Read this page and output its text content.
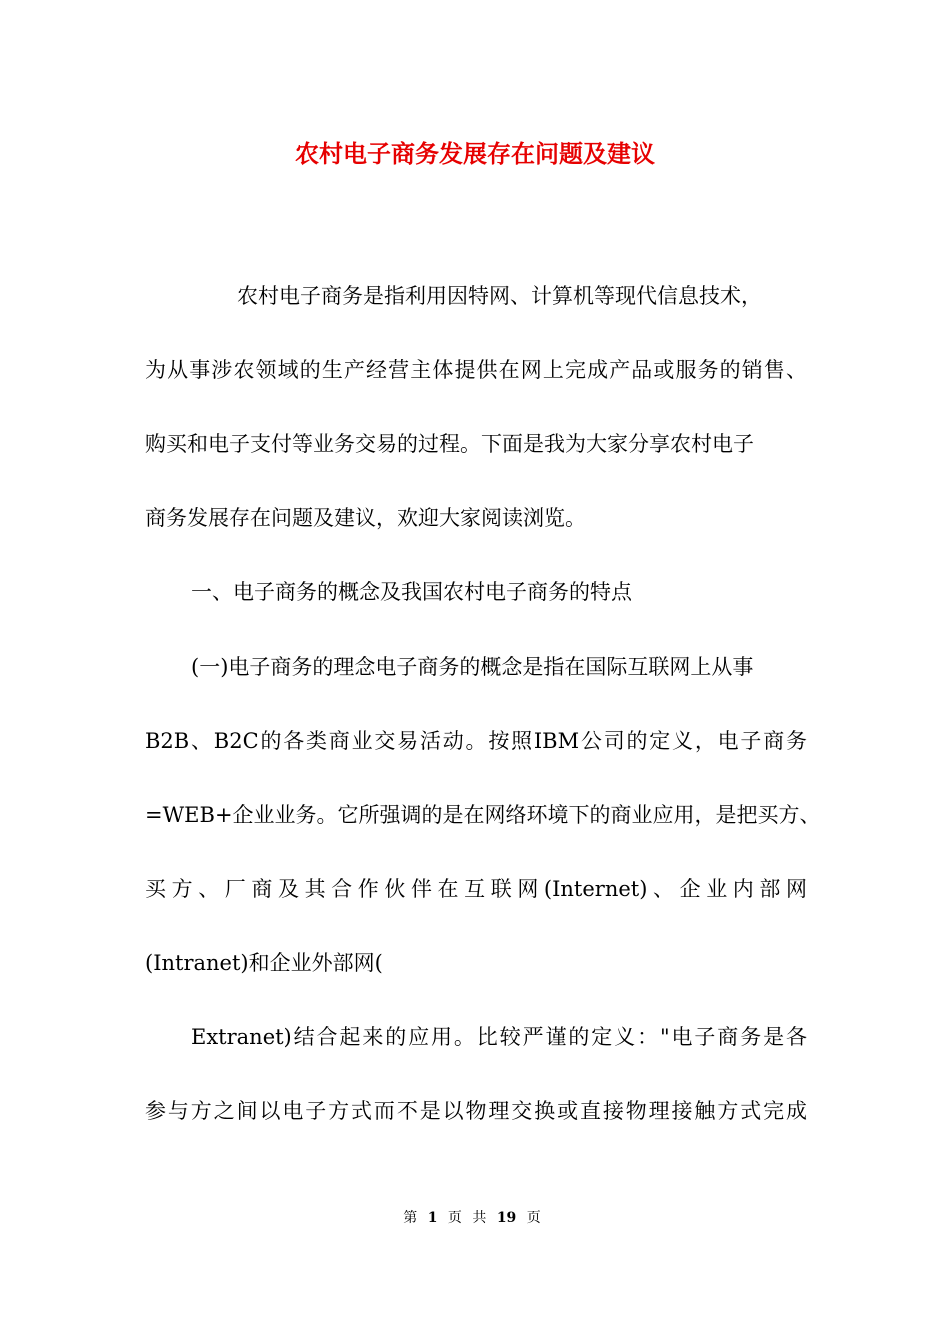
农村电子商务发展存在问题及建议

农村电子商务是指利用因特网、计算机等现代信息技术，

为从事涉农领域的生产经营主体提供在网上完成产品或服务的销售、

购买和电子支付等业务交易的过程。下面是我为大家分享农村电子

商务发展存在问题及建议，欢迎大家阅读浏览。

一、电子商务的概念及我国农村电子商务的特点

(一)电子商务的理念电子商务的概念是指在国际互联网上从事

B2B、B2C的各类商业交易活动。按照IBM公司的定义，电子商务

=WEB+企业业务。它所强调的是在网络环境下的商业应用，是把买方、

买方、厂商及其合作伙伴在互联网(Internet)、企业内部网

(Intranet)和企业外部网(

Extranet)结合起来的应用。比较严谨的定义："电子商务是各

参与方之间以电子方式而不是以物理交换或直接物理接触方式完成

第 1 页 共 19 页
